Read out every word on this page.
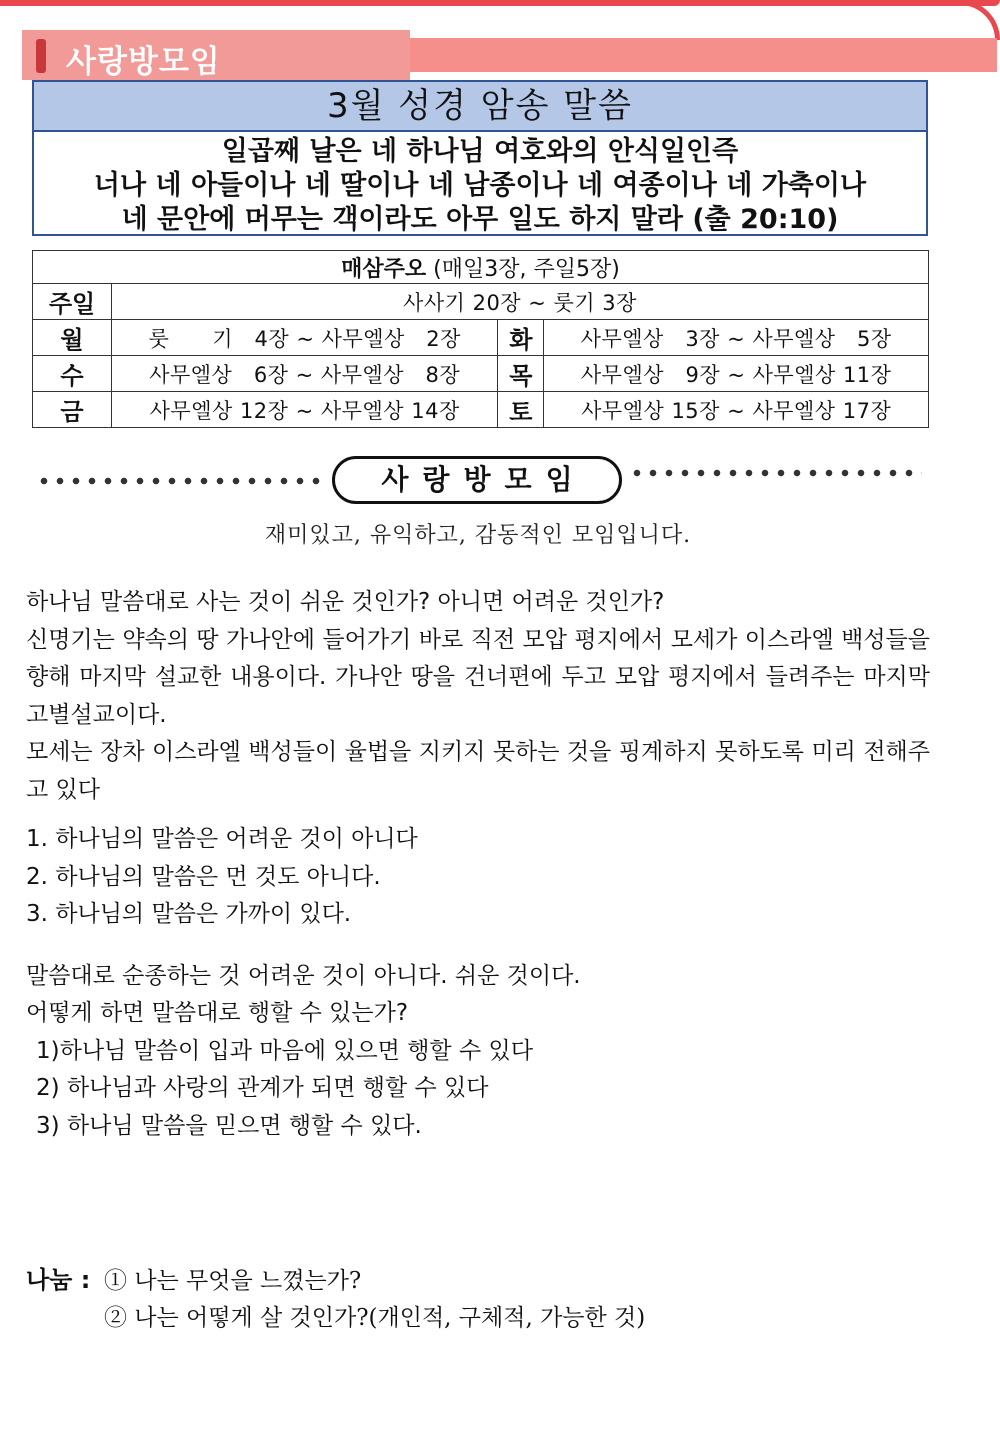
사랑방모임
3월 성경 암송 말씀
일곱째 날은 네 하나님 여호와의 안식일인즉
너나 네 아들이나 네 딸이나 네 남종이나 네 여종이나 네 가축이나
네 문안에 머무는 객이라도 아무 일도 하지 말라 (출 20:10)
매삼주오 (매일3장, 주일5장)			
주일	사사기 20장 ~ 룻기 3장		
월	룻　　기　4장 ~ 사무엘상　2장	화	사무엘상　3장 ~ 사무엘상　5장
수	사무엘상　6장 ~ 사무엘상　8장	목	사무엘상　9장 ~ 사무엘상 11장
금	사무엘상 12장 ~ 사무엘상 14장	토	사무엘상 15장 ~ 사무엘상 17장
사랑방모임
재미있고, 유익하고, 감동적인 모임입니다.

하나님 말씀대로 사는 것이 쉬운 것인가? 아니면 어려운 것인가?

신명기는 약속의 땅 가나안에 들어가기 바로 직전 모압 평지에서 모세가 이스라엘 백성들을 향해 마지막 설교한 내용이다. 가나안 땅을 건너편에 두고 모압 평지에서 들려주는 마지막 고별설교이다.

모세는 장차 이스라엘 백성들이 율법을 지키지 못하는 것을 핑계하지 못하도록 미리 전해주고 있다

1. 하나님의 말씀은 어려운 것이 아니다

2. 하나님의 말씀은 먼 것도 아니다.

3. 하나님의 말씀은 가까이 있다.

말씀대로 순종하는 것 어려운 것이 아니다. 쉬운 것이다.

어떻게 하면 말씀대로 행할 수 있는가?

1)하나님 말씀이 입과 마음에 있으면 행할 수 있다

2) 하나님과 사랑의 관계가 되면 행할 수 있다

3) 하나님 말씀을 믿으면 행할 수 있다.

나눔 : ① 나는 무엇을 느꼈는가?
② 나는 어떻게 살 것인가?(개인적, 구체적, 가능한 것)
